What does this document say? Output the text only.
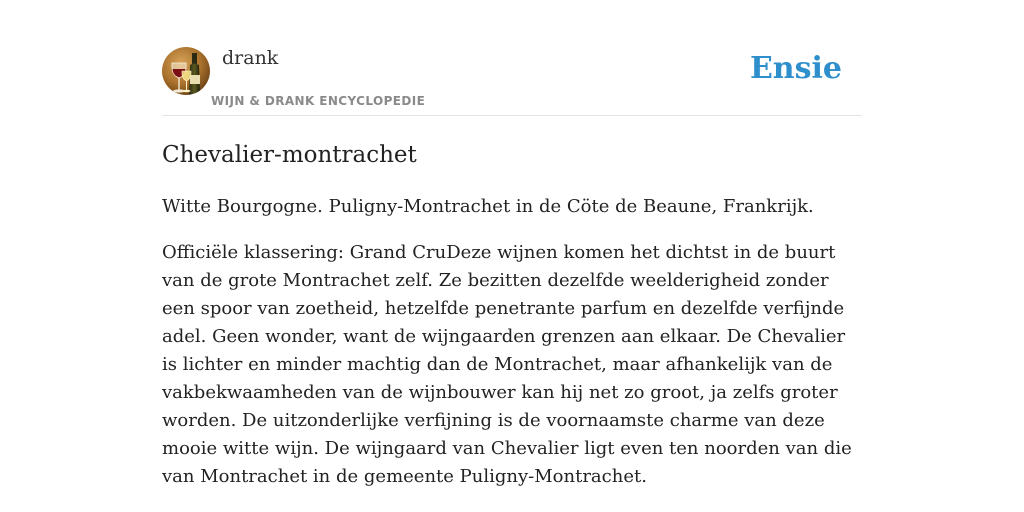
drank
WIJN & DRANK ENCYCLOPEDIE
Ensie
Chevalier-montrachet

Witte Bourgogne. Puligny-Montrachet in de Cöte de Beaune, Frankrijk.

Officiële klassering: Grand CruDeze wijnen komen het dichtst in de buurt van de grote Montrachet zelf. Ze bezitten dezelfde weelderigheid zonder een spoor van zoetheid, hetzelfde penetrante parfum en dezelfde verfijnde adel. Geen wonder, want de wijngaarden grenzen aan elkaar. De Chevalier is lichter en minder machtig dan de Montrachet, maar afhankelijk van de vakbekwaamheden van de wijnbouwer kan hij net zo groot, ja zelfs groter worden. De uitzonderlijke verfijning is de voornaamste charme van deze mooie witte wijn. De wijngaard van Chevalier ligt even ten noorden van die van Montrachet in de gemeente Puligny-Montrachet.
